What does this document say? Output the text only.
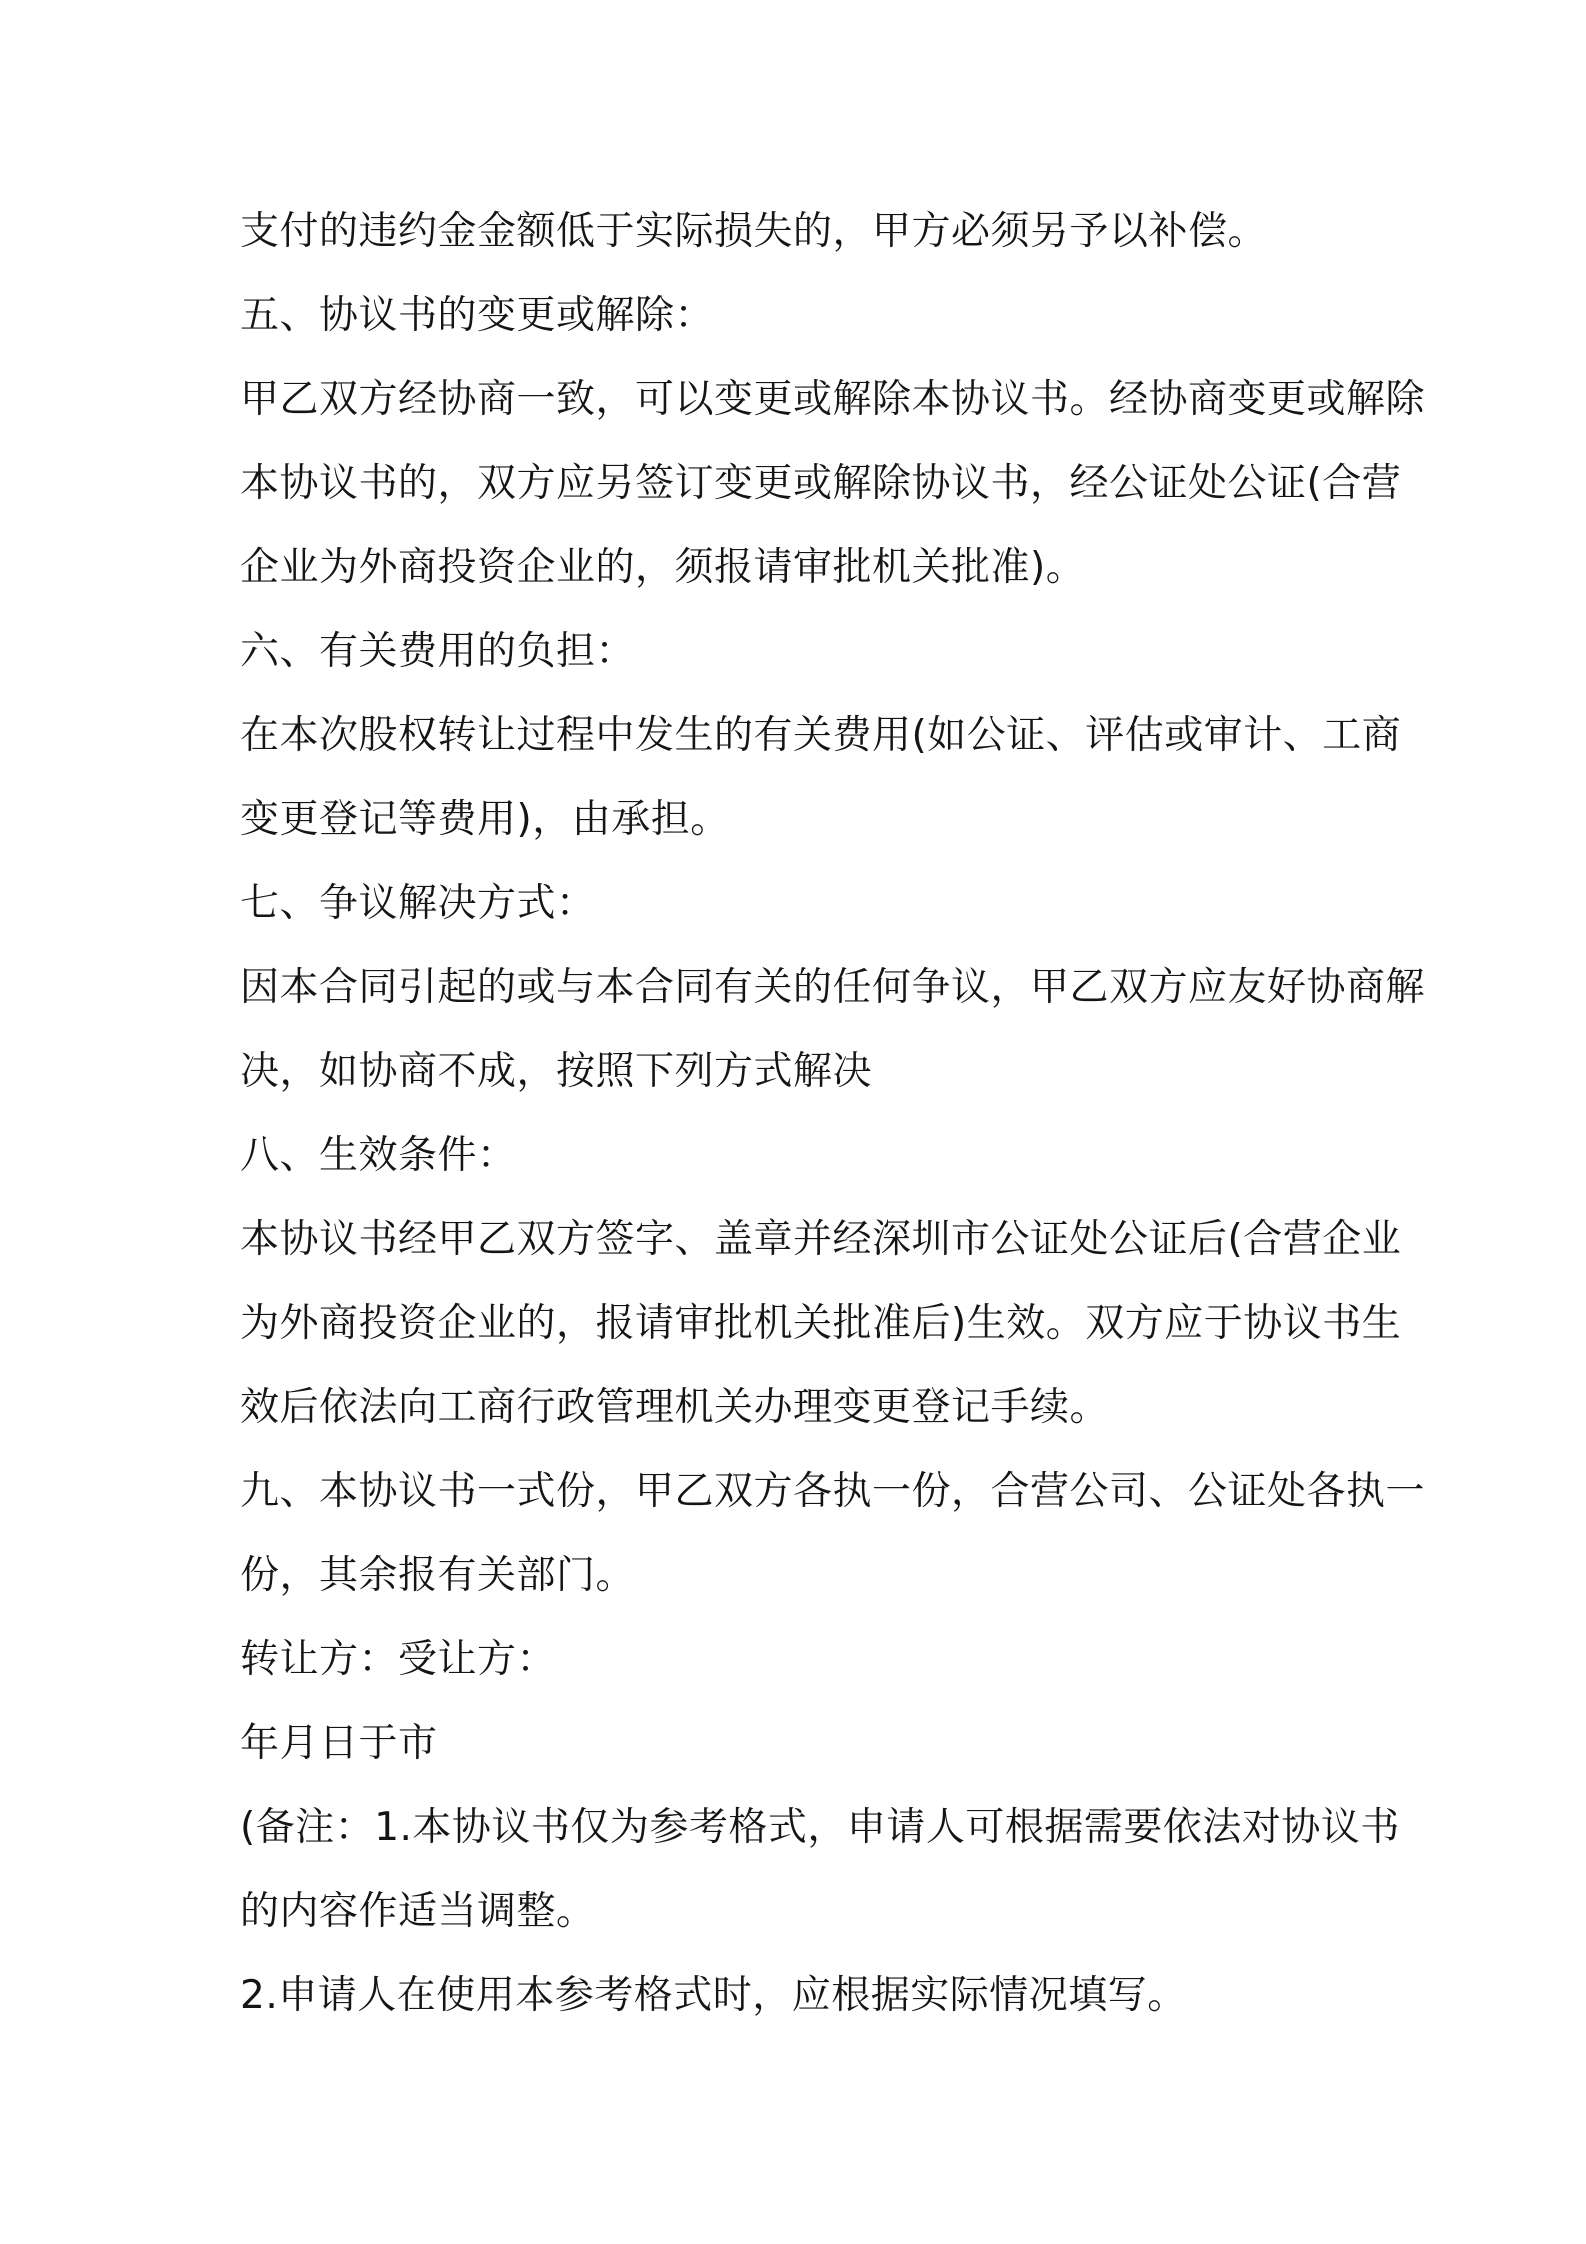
支付的违约金金额低于实际损失的，甲方必须另予以补偿。
五、协议书的变更或解除：
甲乙双方经协商一致，可以变更或解除本协议书。经协商变更或解除
本协议书的，双方应另签订变更或解除协议书，经公证处公证(合营
企业为外商投资企业的，须报请审批机关批准)。
六、有关费用的负担：
在本次股权转让过程中发生的有关费用(如公证、评估或审计、工商
变更登记等费用)，由承担。
七、争议解决方式：
因本合同引起的或与本合同有关的任何争议，甲乙双方应友好协商解
决，如协商不成，按照下列方式解决
八、生效条件：
本协议书经甲乙双方签字、盖章并经深圳市公证处公证后(合营企业
为外商投资企业的，报请审批机关批准后)生效。双方应于协议书生
效后依法向工商行政管理机关办理变更登记手续。
九、本协议书一式份，甲乙双方各执一份，合营公司、公证处各执一
份，其余报有关部门。
转让方：受让方：
年月日于市
(备注：1.本协议书仅为参考格式，申请人可根据需要依法对协议书
的内容作适当调整。
2.申请人在使用本参考格式时，应根据实际情况填写。
